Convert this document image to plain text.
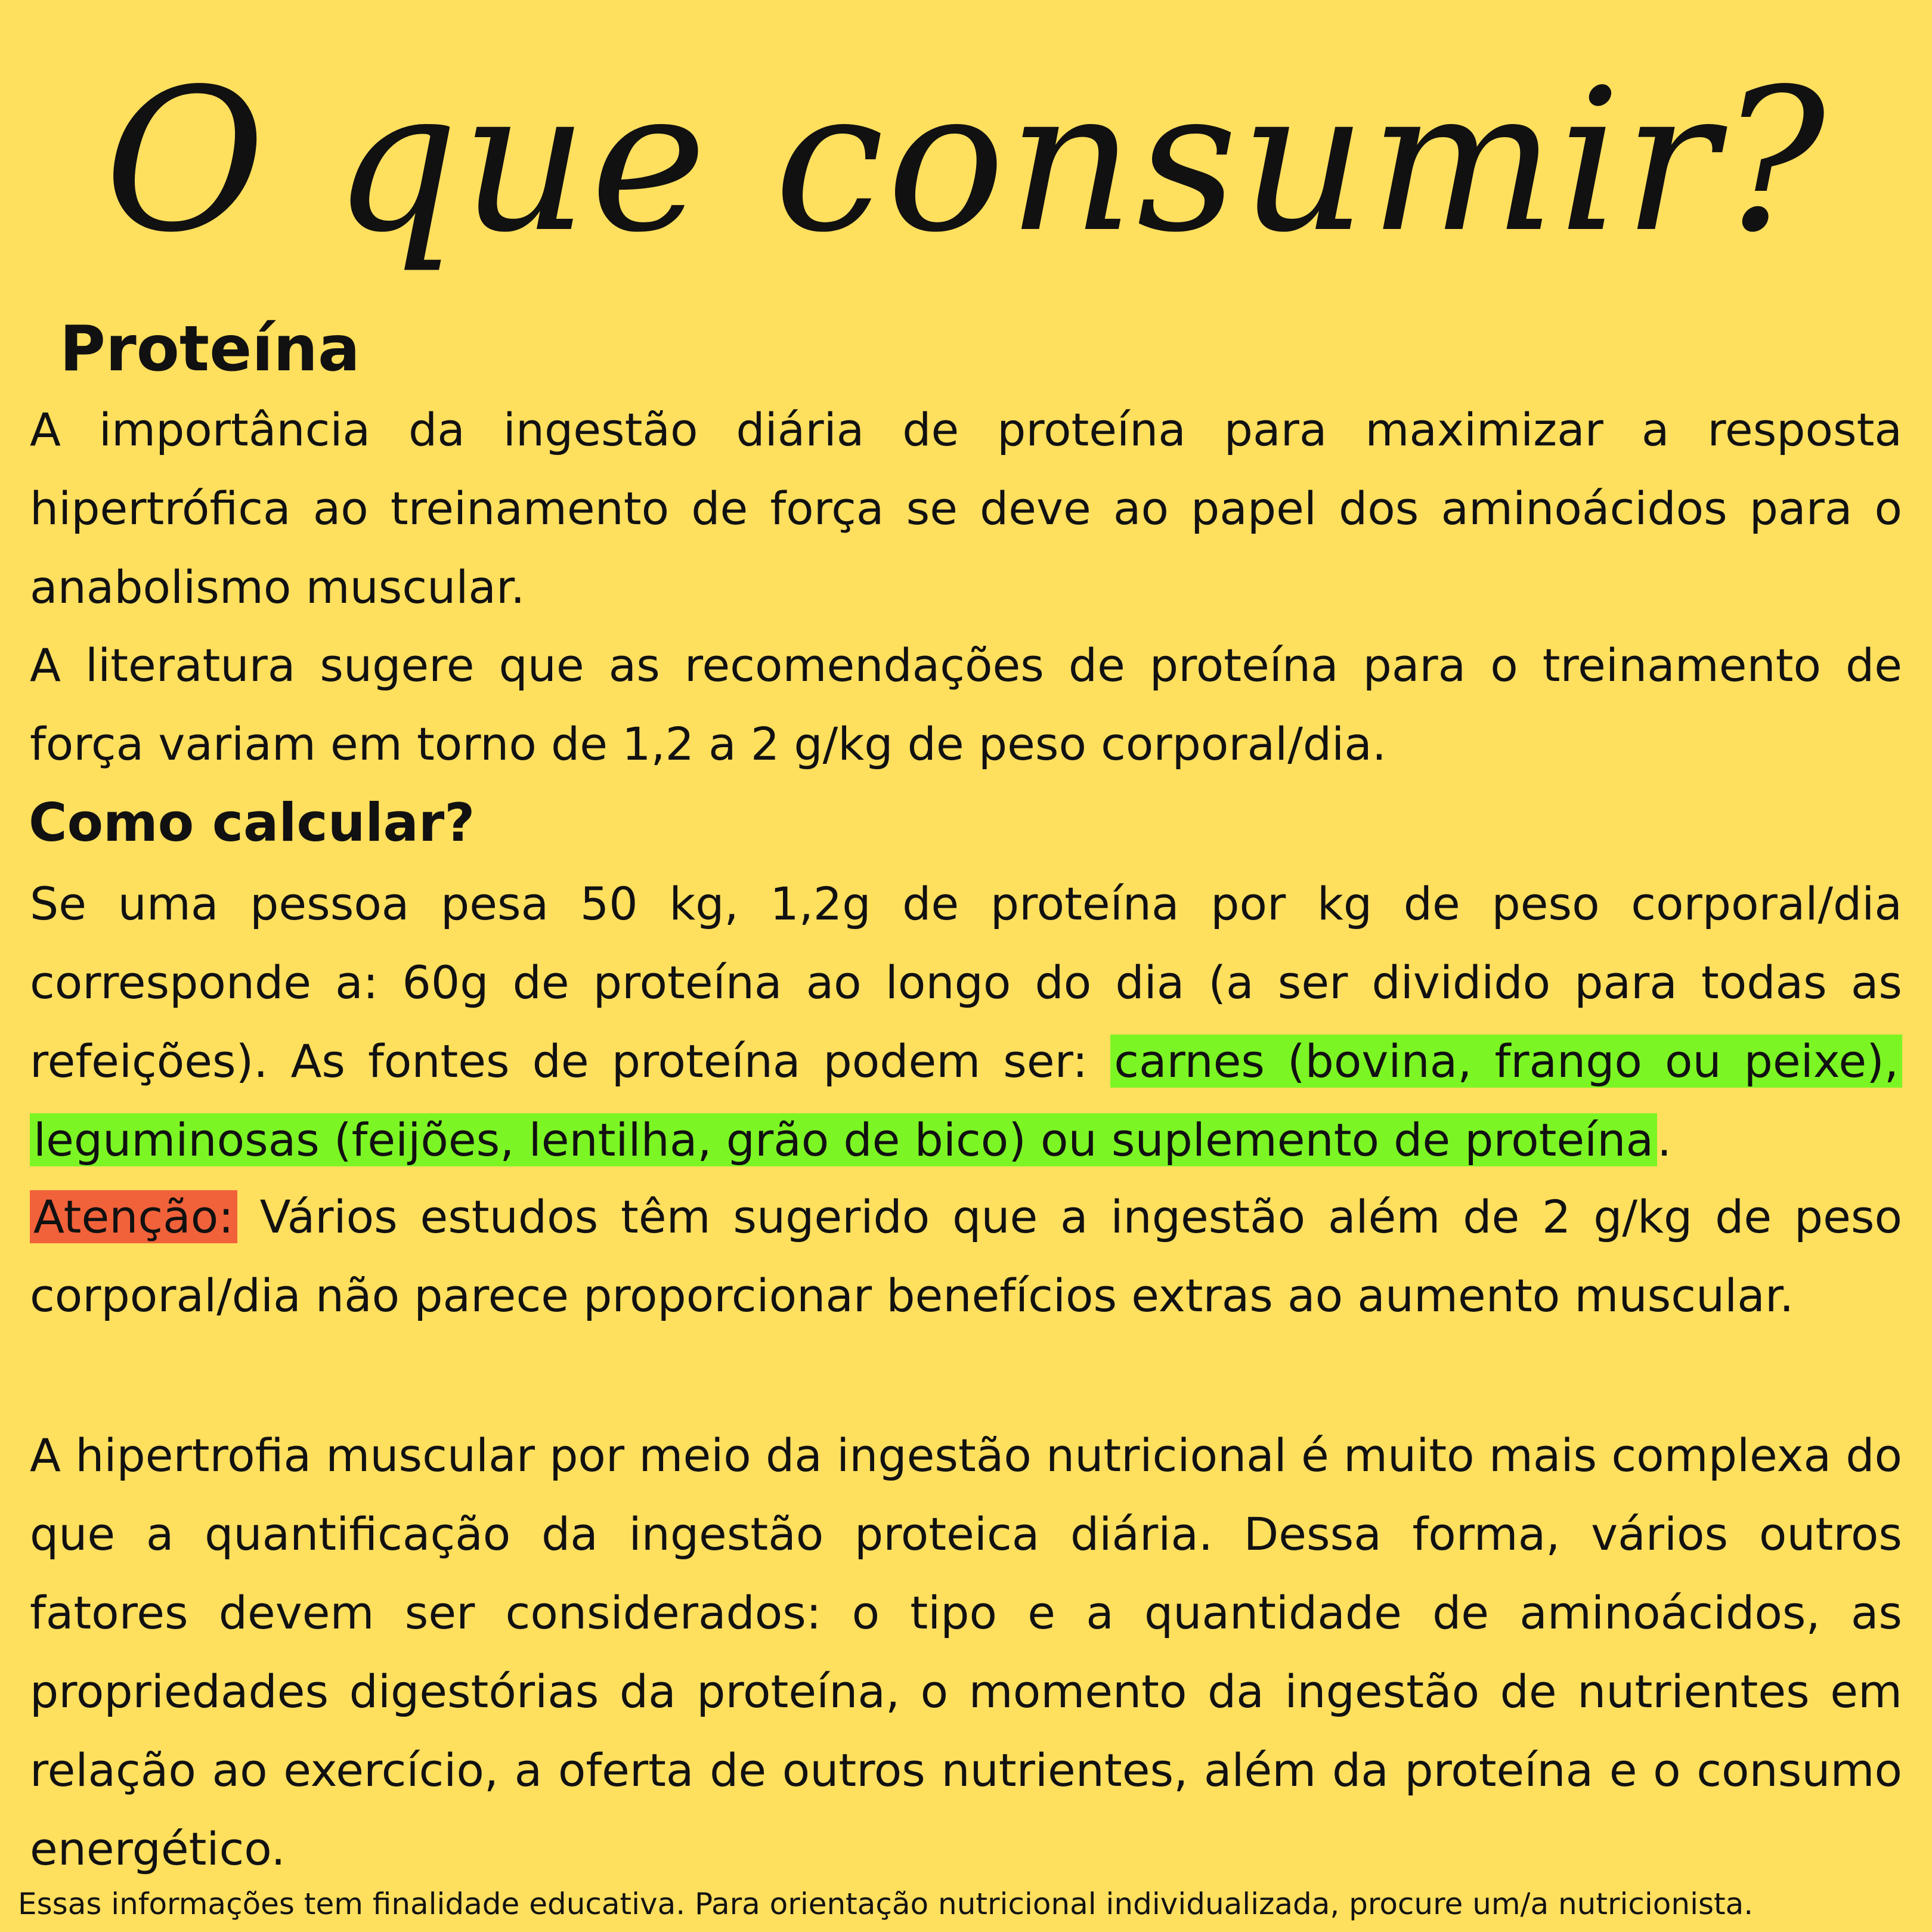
O que consumir?
Proteína
A importância da ingestão diária de proteína para maximizar a resposta hipertrófica ao treinamento de força se deve ao papel dos aminoácidos para o anabolismo muscular.
A literatura sugere que as recomendações de proteína para o treinamento de força variam em torno de 1,2 a 2 g/kg de peso corporal/dia.
Como calcular?
Se uma pessoa pesa 50 kg, 1,2g de proteína por kg de peso corporal/dia corresponde a: 60g de proteína ao longo do dia (a ser dividido para todas as refeições). As fontes de proteína podem ser: carnes (bovina, frango ou peixe), leguminosas (feijões, lentilha, grão de bico) ou suplemento de proteína.
Atenção: Vários estudos têm sugerido que a ingestão além de 2 g/kg de peso corporal/dia não parece proporcionar benefícios extras ao aumento muscular.
A hipertrofia muscular por meio da ingestão nutricional é muito mais complexa do que a quantificação da ingestão proteica diária. Dessa forma, vários outros fatores devem ser considerados: o tipo e a quantidade de aminoácidos, as propriedades digestórias da proteína, o momento da ingestão de nutrientes em relação ao exercício, a oferta de outros nutrientes, além da proteína e o consumo energético.
Essas informações tem finalidade educativa. Para orientação nutricional individualizada, procure um/a nutricionista.
